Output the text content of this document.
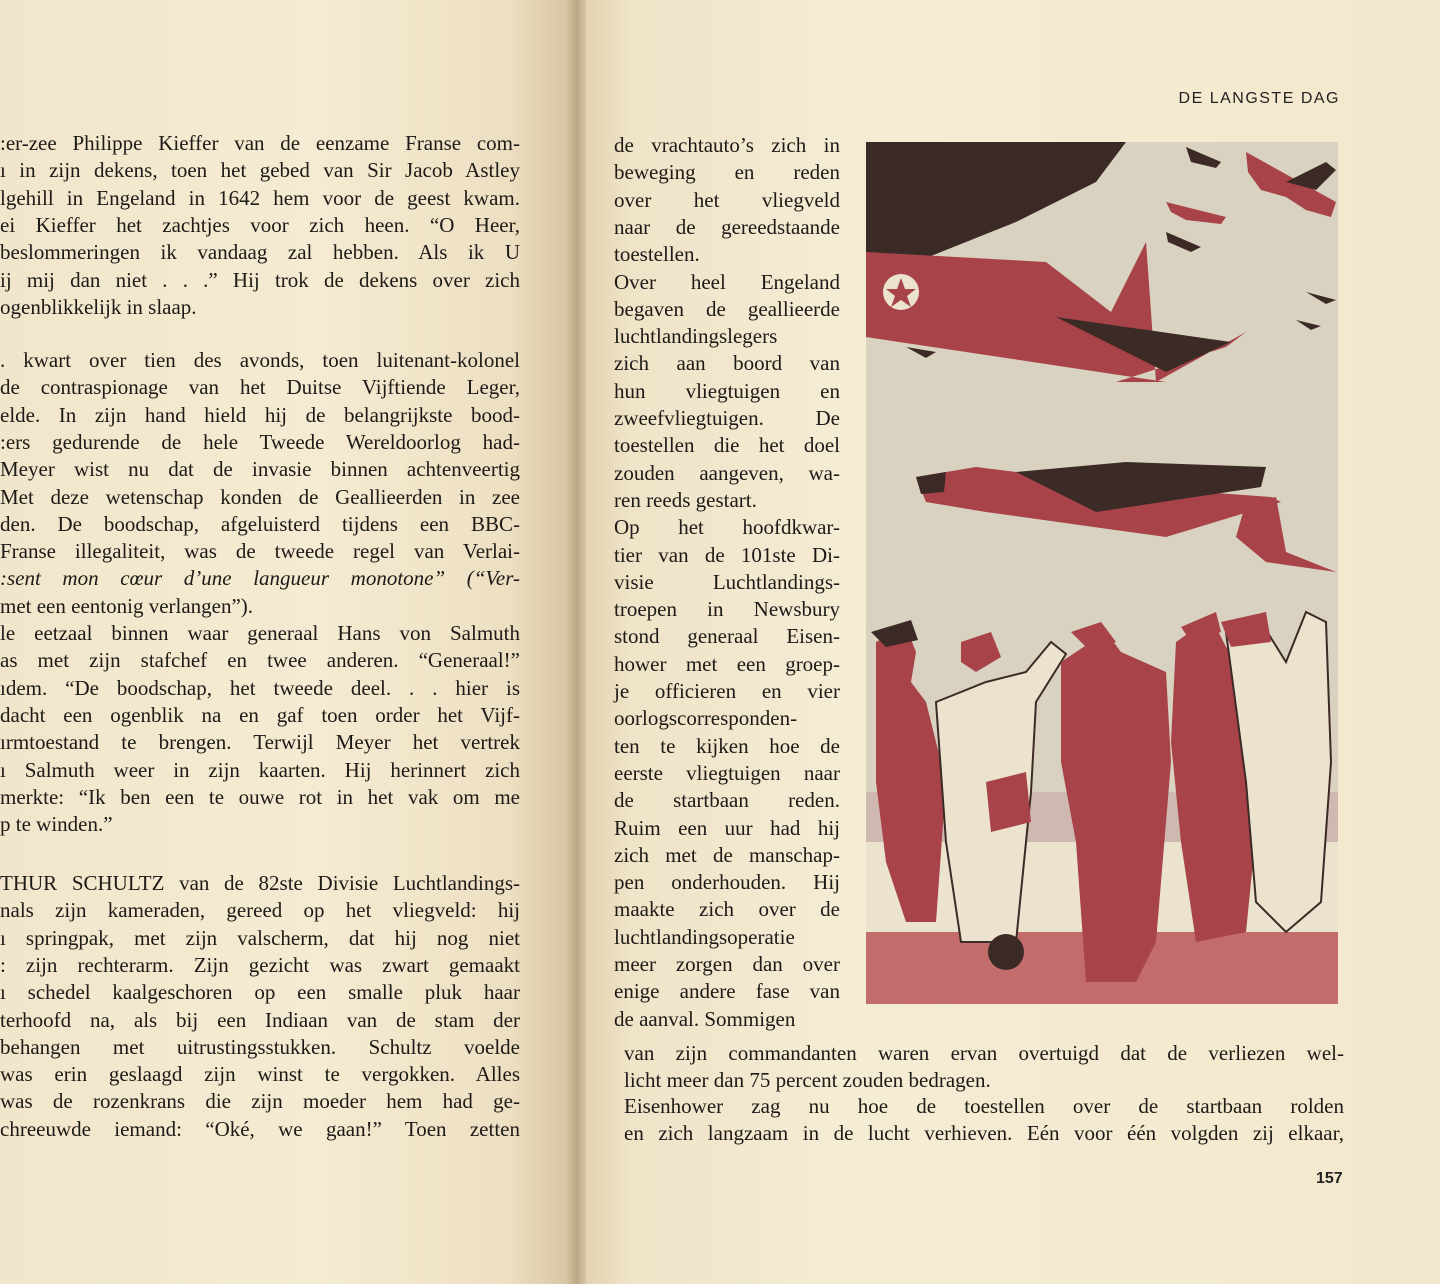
:er-zee Philippe Kieffer van de eenzame Franse com-
ı in zijn dekens, toen het gebed van Sir Jacob Astley
lgehill in Engeland in 1642 hem voor de geest kwam.
ei Kieffer het zachtjes voor zich heen. “O Heer,
beslommeringen ik vandaag zal hebben. Als ik U
ij mij dan niet . . .” Hij trok de dekens over zich
ogenblikkelijk in slaap.
. kwart over tien des avonds, toen luitenant-kolonel
de contraspionage van het Duitse Vijftiende Leger,
elde. In zijn hand hield hij de belangrijkste bood-
:ers gedurende de hele Tweede Wereldoorlog had-
Meyer wist nu dat de invasie binnen achtenveertig
Met deze wetenschap konden de Geallieerden in zee
den. De boodschap, afgeluisterd tijdens een BBC-
Franse illegaliteit, was de tweede regel van Verlai-
:sent mon cœur d’une langueur monotone” (“Ver-
met een eentonig verlangen”).
le eetzaal binnen waar generaal Hans von Salmuth
as met zijn stafchef en twee anderen. “Generaal!”
ıdem. “De boodschap, het tweede deel. . . hier is
dacht een ogenblik na en gaf toen order het Vijf-
ırmtoestand te brengen. Terwijl Meyer het vertrek
ı Salmuth weer in zijn kaarten. Hij herinnert zich
merkte: “Ik ben een te ouwe rot in het vak om me
p te winden.”
THUR SCHULTZ van de 82ste Divisie Luchtlandings-
nals zijn kameraden, gereed op het vliegveld: hij
ı springpak, met zijn valscherm, dat hij nog niet
: zijn rechterarm. Zijn gezicht was zwart gemaakt
ı schedel kaalgeschoren op een smalle pluk haar
terhoofd na, als bij een Indiaan van de stam der
behangen met uitrustingsstukken. Schultz voelde
was erin geslaagd zijn winst te vergokken. Alles
was de rozenkrans die zijn moeder hem had ge-
chreeuwde iemand: “Oké, we gaan!” Toen zetten
DE LANGSTE DAG
de vrachtauto’s zich in
beweging en reden
over het vliegveld
naar de gereedstaande
toestellen.
Over heel Engeland
begaven de geallieerde
luchtlandingslegers
zich aan boord van
hun vliegtuigen en
zweefvliegtuigen. De
toestellen die het doel
zouden aangeven, wa-
ren reeds gestart.
Op het hoofdkwar-
tier van de 101ste Di-
visie Luchtlandings-
troepen in Newsbury
stond generaal Eisen-
hower met een groep-
je officieren en vier
oorlogscorresponden-
ten te kijken hoe de
eerste vliegtuigen naar
de startbaan reden.
Ruim een uur had hij
zich met de manschap-
pen onderhouden. Hij
maakte zich over de
luchtlandingsoperatie
meer zorgen dan over
enige andere fase van
de aanval. Sommigen
van zijn commandanten waren ervan overtuigd dat de verliezen wel-
licht meer dan 75 percent zouden bedragen.
Eisenhower zag nu hoe de toestellen over de startbaan rolden
en zich langzaam in de lucht verhieven. Eén voor één volgden zij elkaar,
157
